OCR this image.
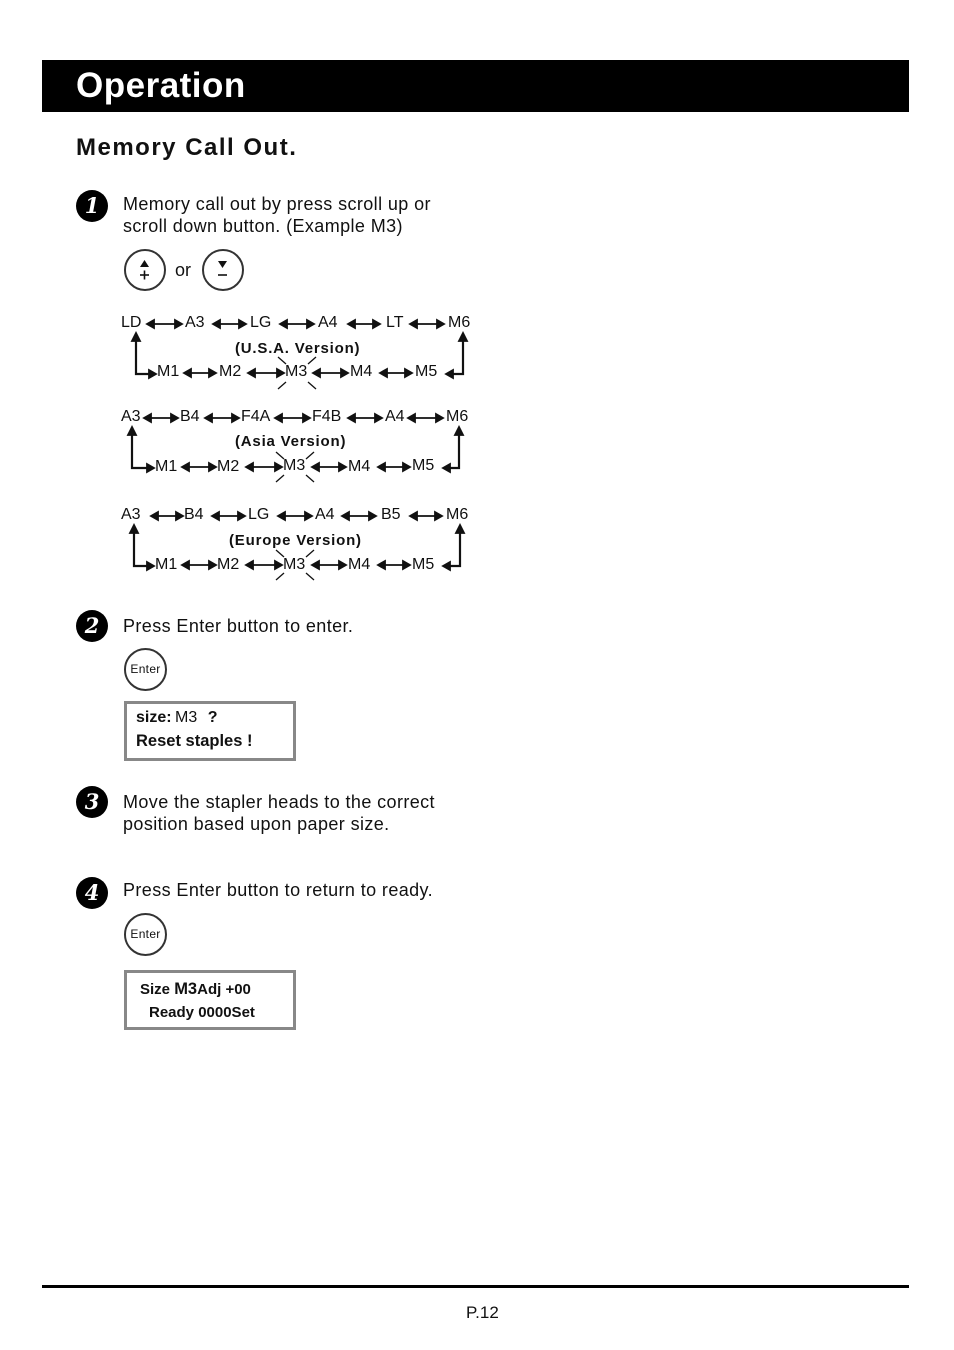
Operation
Memory Call Out.
1	Memory call out by press scroll up or
scroll down button. (Example M3)
or
LD	A3	LG	A4	LT	M6
(U.S.A. Version)
M1 M2	M3	M4	M5
A3 B4	F4A	F4B	A4	M6
(Asia Version)
M1 M2	M3	M4	M5
A3	B4	LG	A4	B5	M6
(Europe Version)
M1 M2	M3	M4	M5
2	Press Enter button to enter.
Enter
size: M3 ?
Reset staples !
3	Move the stapler heads to the correct
position based upon paper size.
4	Press Enter button to return to ready.
Enter
Size M3Adj +00
Ready 0000Set
P.12
